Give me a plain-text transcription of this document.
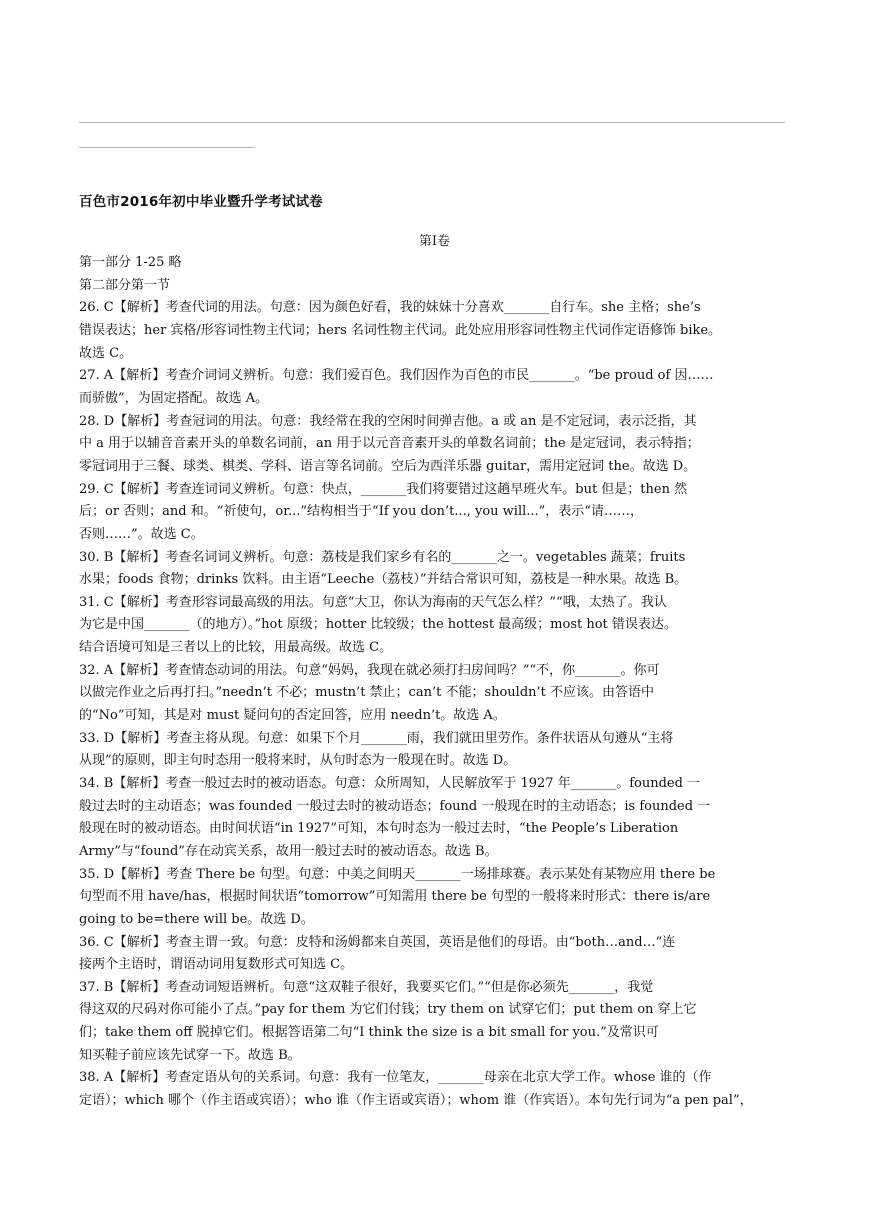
百色市2016年初中毕业暨升学考试试卷
第Ⅰ卷
第一部分 1-25 略
第二部分第一节
26. C【解析】考查代词的用法。句意：因为颜色好看，我的妹妹十分喜欢_______自行车。she 主格；she’s
错误表达；her 宾格/形容词性物主代词；hers 名词性物主代词。此处应用形容词性物主代词作定语修饰 bike。
故选 C。
27. A【解析】考查介词词义辨析。句意：我们爱百色。我们因作为百色的市民_______。“be proud of 因……
而骄傲”，为固定搭配。故选 A。
28. D【解析】考查冠词的用法。句意：我经常在我的空闲时间弹吉他。a 或 an 是不定冠词，表示泛指，其
中 a 用于以辅音音素开头的单数名词前，an 用于以元音音素开头的单数名词前；the 是定冠词，表示特指；
零冠词用于三餐、球类、棋类、学科、语言等名词前。空后为西洋乐器 guitar，需用定冠词 the。故选 D。
29. C【解析】考查连词词义辨析。句意：快点，_______我们将要错过这趟早班火车。but 但是；then 然
后；or 否则；and 和。“祈使句，or...”结构相当于“If you don’t..., you will...”，表示“请……，
否则……”。故选 C。
30. B【解析】考查名词词义辨析。句意：荔枝是我们家乡有名的_______之一。vegetables 蔬菜；fruits
水果；foods 食物；drinks 饮料。由主语“Leeche（荔枝）”并结合常识可知，荔枝是一种水果。故选 B。
31. C【解析】考查形容词最高级的用法。句意“大卫，你认为海南的天气怎么样？”“哦，太热了。我认
为它是中国_______（的地方）。”hot 原级；hotter 比较级；the hottest 最高级；most hot 错误表达。
结合语境可知是三者以上的比较，用最高级。故选 C。
32. A【解析】考查情态动词的用法。句意“妈妈，我现在就必须打扫房间吗？”“不，你_______。你可
以做完作业之后再打扫。”needn’t 不必；mustn’t 禁止；can’t 不能；shouldn’t 不应该。由答语中
的“No”可知，其是对 must 疑问句的否定回答，应用 needn’t。故选 A。
33. D【解析】考查主将从现。句意：如果下个月_______雨，我们就田里劳作。条件状语从句遵从“主将
从现”的原则，即主句时态用一般将来时，从句时态为一般现在时。故选 D。
34. B【解析】考查一般过去时的被动语态。句意：众所周知，人民解放军于 1927 年_______。founded 一
般过去时的主动语态；was founded 一般过去时的被动语态；found 一般现在时的主动语态；is founded 一
般现在时的被动语态。由时间状语“in 1927”可知，本句时态为一般过去时，“the People’s Liberation
Army”与“found”存在动宾关系，故用一般过去时的被动语态。故选 B。
35. D【解析】考查 There be 句型。句意：中美之间明天_______一场排球赛。表示某处有某物应用 there be
句型而不用 have/has，根据时间状语“tomorrow”可知需用 there be 句型的一般将来时形式：there is/are
going to be=there will be。故选 D。
36. C【解析】考查主谓一致。句意：皮特和汤姆都来自英国，英语是他们的母语。由“both…and…”连
接两个主语时，谓语动词用复数形式可知选 C。
37. B【解析】考查动词短语辨析。句意“这双鞋子很好，我要买它们。”“但是你必须先_______，我觉
得这双的尺码对你可能小了点。”pay for them 为它们付钱；try them on 试穿它们；put them on 穿上它
们；take them off 脱掉它们。根据答语第二句“I think the size is a bit small for you.”及常识可
知买鞋子前应该先试穿一下。故选 B。
38. A【解析】考查定语从句的关系词。句意：我有一位笔友，_______母亲在北京大学工作。whose 谁的（作
定语）；which 哪个（作主语或宾语）；who 谁（作主语或宾语）；whom 谁（作宾语）。本句先行词为“a pen pal”，
